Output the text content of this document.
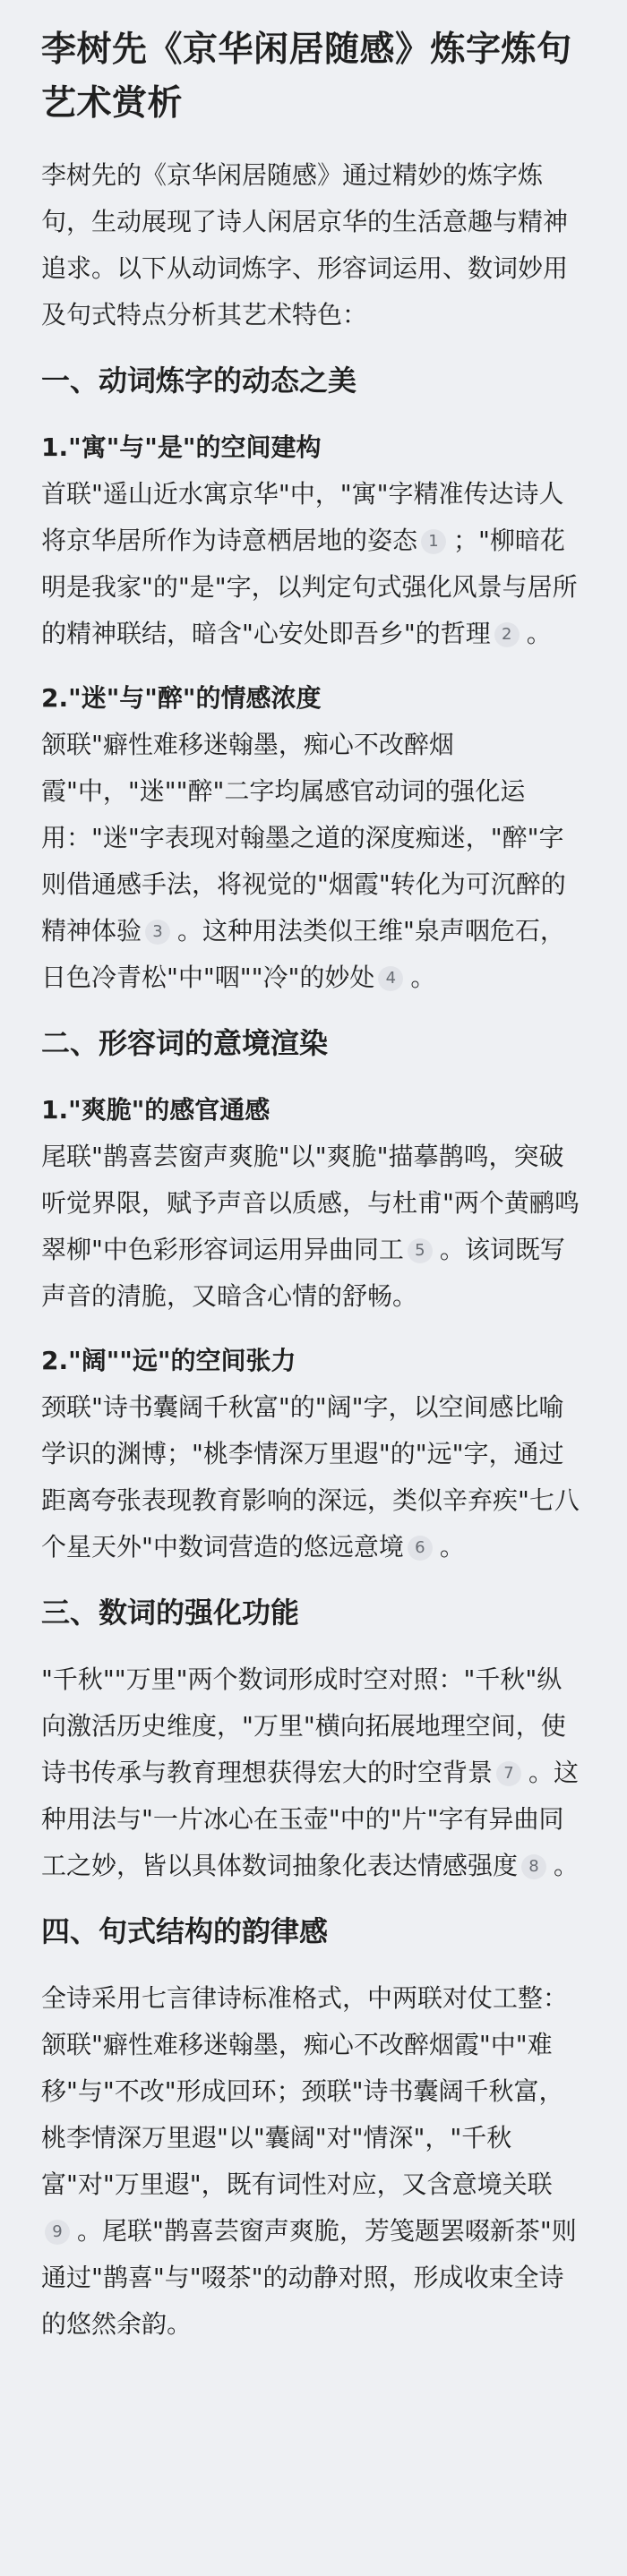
李树先《京华闲居随感》炼字炼句艺术赏析

李树先的《京华闲居随感》通过精妙的炼字炼句，生动展现了诗人闲居京华的生活意趣与精神追求。以下从动词炼字、形容词运用、数词妙用及句式特点分析其艺术特色：

一、动词炼字的动态之美
1."寓"与"是"的空间建构

首联"遥山近水寓京华"中，"寓"字精准传达诗人将京华居所作为诗意栖居地的姿态 1 ；"柳暗花明是我家"的"是"字，以判定句式强化风景与居所的精神联结，暗含"心安处即吾乡"的哲理 2 。

2."迷"与"醉"的情感浓度

颔联"癖性难移迷翰墨，痴心不改醉烟霞"中，"迷""醉"二字均属感官动词的强化运用："迷"字表现对翰墨之道的深度痴迷，"醉"字则借通感手法，将视觉的"烟霞"转化为可沉醉的精神体验 3 。这种用法类似王维"泉声咽危石，日色冷青松"中"咽""冷"的妙处 4 。

二、形容词的意境渲染
1."爽脆"的感官通感

尾联"鹊喜芸窗声爽脆"以"爽脆"描摹鹊鸣，突破听觉界限，赋予声音以质感，与杜甫"两个黄鹂鸣翠柳"中色彩形容词运用异曲同工 5 。该词既写声音的清脆，又暗含心情的舒畅。

2."阔""远"的空间张力

颈联"诗书囊阔千秋富"的"阔"字，以空间感比喻学识的渊博；"桃李情深万里遐"的"远"字，通过距离夸张表现教育影响的深远，类似辛弃疾"七八个星天外"中数词营造的悠远意境 6 。

三、数词的强化功能

"千秋""万里"两个数词形成时空对照："千秋"纵向激活历史维度，"万里"横向拓展地理空间，使诗书传承与教育理想获得宏大的时空背景 7 。这种用法与"一片冰心在玉壶"中的"片"字有异曲同工之妙，皆以具体数词抽象化表达情感强度 8 。

四、句式结构的韵律感

全诗采用七言律诗标准格式，中两联对仗工整：颔联"癖性难移迷翰墨，痴心不改醉烟霞"中"难移"与"不改"形成回环；颈联"诗书囊阔千秋富，桃李情深万里遐"以"囊阔"对"情深"，"千秋富"对"万里遐"，既有词性对应，又含意境关联9 。尾联"鹊喜芸窗声爽脆，芳笺题罢啜新茶"则通过"鹊喜"与"啜茶"的动静对照，形成收束全诗的悠然余韵。
